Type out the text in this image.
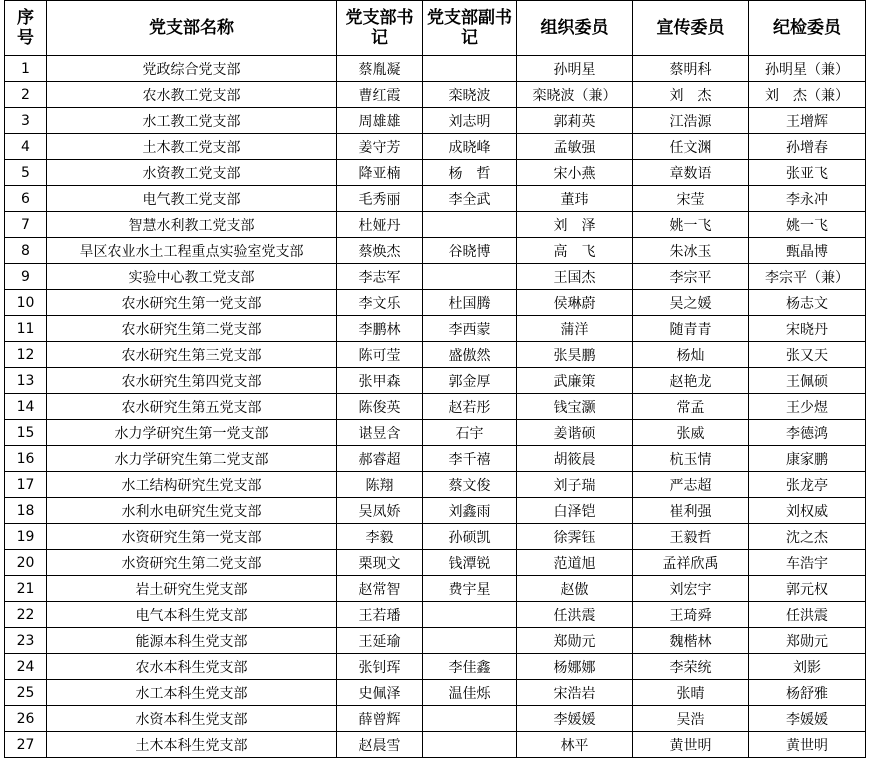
序号	党支部名称	党支部书记	党支部副书记	组织委员	宣传委员	纪检委员
1	党政综合党支部	蔡胤凝		孙明星	蔡明科	孙明星（兼）
2	农水教工党支部	曹红霞	栾晓波	栾晓波（兼）	刘　杰	刘　杰（兼）
3	水工教工党支部	周雄雄	刘志明	郭莉英	江浩源	王增辉
4	土木教工党支部	姜守芳	成晓峰	孟敏强	任文渊	孙增春
5	水资教工党支部	降亚楠	杨　哲	宋小燕	章数语	张亚飞
6	电气教工党支部	毛秀丽	李全武	董玮	宋莹	李永冲
7	智慧水利教工党支部	杜娅丹		刘　泽	姚一飞	姚一飞
8	旱区农业水土工程重点实验室党支部	蔡焕杰	谷晓博	高　飞	朱冰玉	甄晶博
9	实验中心教工党支部	李志军		王国杰	李宗平	李宗平（兼）
10	农水研究生第一党支部	李文乐	杜国腾	侯琳蔚	吴之媛	杨志文
11	农水研究生第二党支部	李鹏林	李西蒙	蒲洋	随青青	宋晓丹
12	农水研究生第三党支部	陈可莹	盛傲然	张昊鹏	杨灿	张又天
13	农水研究生第四党支部	张甲森	郭金厚	武廉策	赵艳龙	王佩硕
14	农水研究生第五党支部	陈俊英	赵若彤	钱宝灏	常孟	王少煜
15	水力学研究生第一党支部	谌昱含	石宇	姜谐硕	张威	李德鸿
16	水力学研究生第二党支部	郝睿超	李千禧	胡筱晨	杭玉情	康家鹏
17	水工结构研究生党支部	陈翔	蔡文俊	刘子瑞	严志超	张龙亭
18	水利水电研究生党支部	吴凤娇	刘鑫雨	白泽铠	崔利强	刘权威
19	水资研究生第一党支部	李毅	孙硕凯	徐霁钰	王毅哲	沈之杰
20	水资研究生第二党支部	栗现文	钱潭锐	范道旭	孟祥欣禹	车浩宇
21	岩土研究生党支部	赵常智	费宇星	赵傲	刘宏宇	郭元权
22	电气本科生党支部	王若璠		任洪震	王琦舜	任洪震
23	能源本科生党支部	王延瑜		郑勋元	魏楷林	郑勋元
24	农水本科生党支部	张钊珲	李佳鑫	杨娜娜	李荣统	刘影
25	水工本科生党支部	史佩泽	温佳烁	宋浩岩	张晴	杨舒雅
26	水资本科生党支部	薛曾辉		李媛媛	吴浩	李媛媛
27	土木本科生党支部	赵晨雪		林平	黄世明	黄世明
